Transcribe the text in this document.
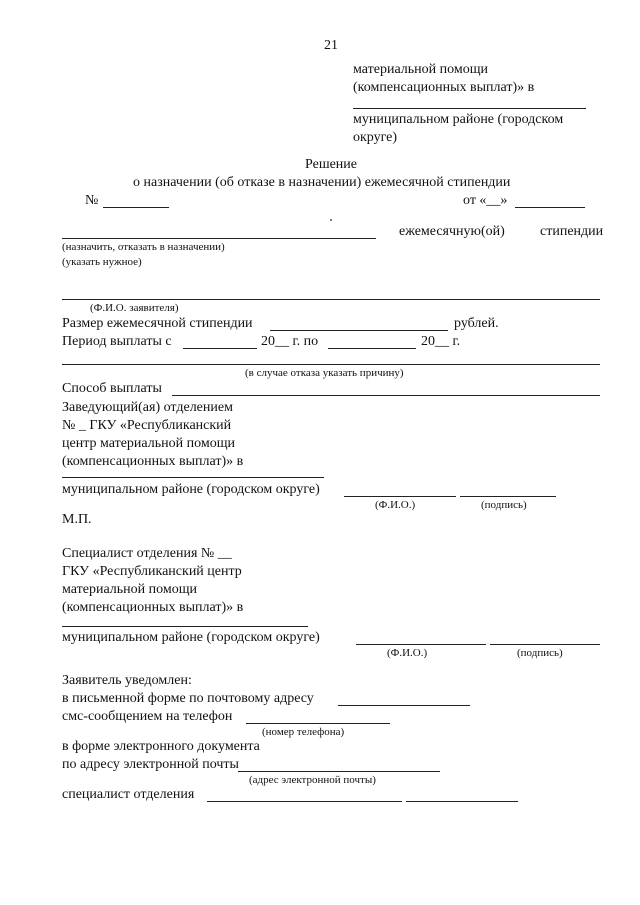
21
материальной помощи
(компенсационных выплат)» в
муниципальном районе (городском
округе)
Решение
о назначении (об отказе в назначении) ежемесячной стипендии
№	от «__»
ежемесячную(ой)	стипендии
(назначить, отказать в назначении)
(указать нужное)
(Ф.И.О. заявителя)
Размер ежемесячной стипендии	рублей.
Период выплаты с	20__ г. по	20__ г.
(в случае отказа указать причину)
Способ выплаты
Заведующий(ая) отделением
№ _ ГКУ «Республиканский
центр материальной помощи
(компенсационных выплат)» в
муниципальном районе (городском округе)
(Ф.И.О.)	(подпись)
М.П.
Специалист отделения № __
ГКУ «Республиканский центр
материальной помощи
(компенсационных выплат)» в
муниципальном районе (городском округе)
(Ф.И.О.)	(подпись)
Заявитель уведомлен:
в письменной форме по почтовому адресу
смс-сообщением на телефон
(номер телефона)
в форме электронного документа
по адресу электронной почты
(адрес электронной почты)
специалист отделения
